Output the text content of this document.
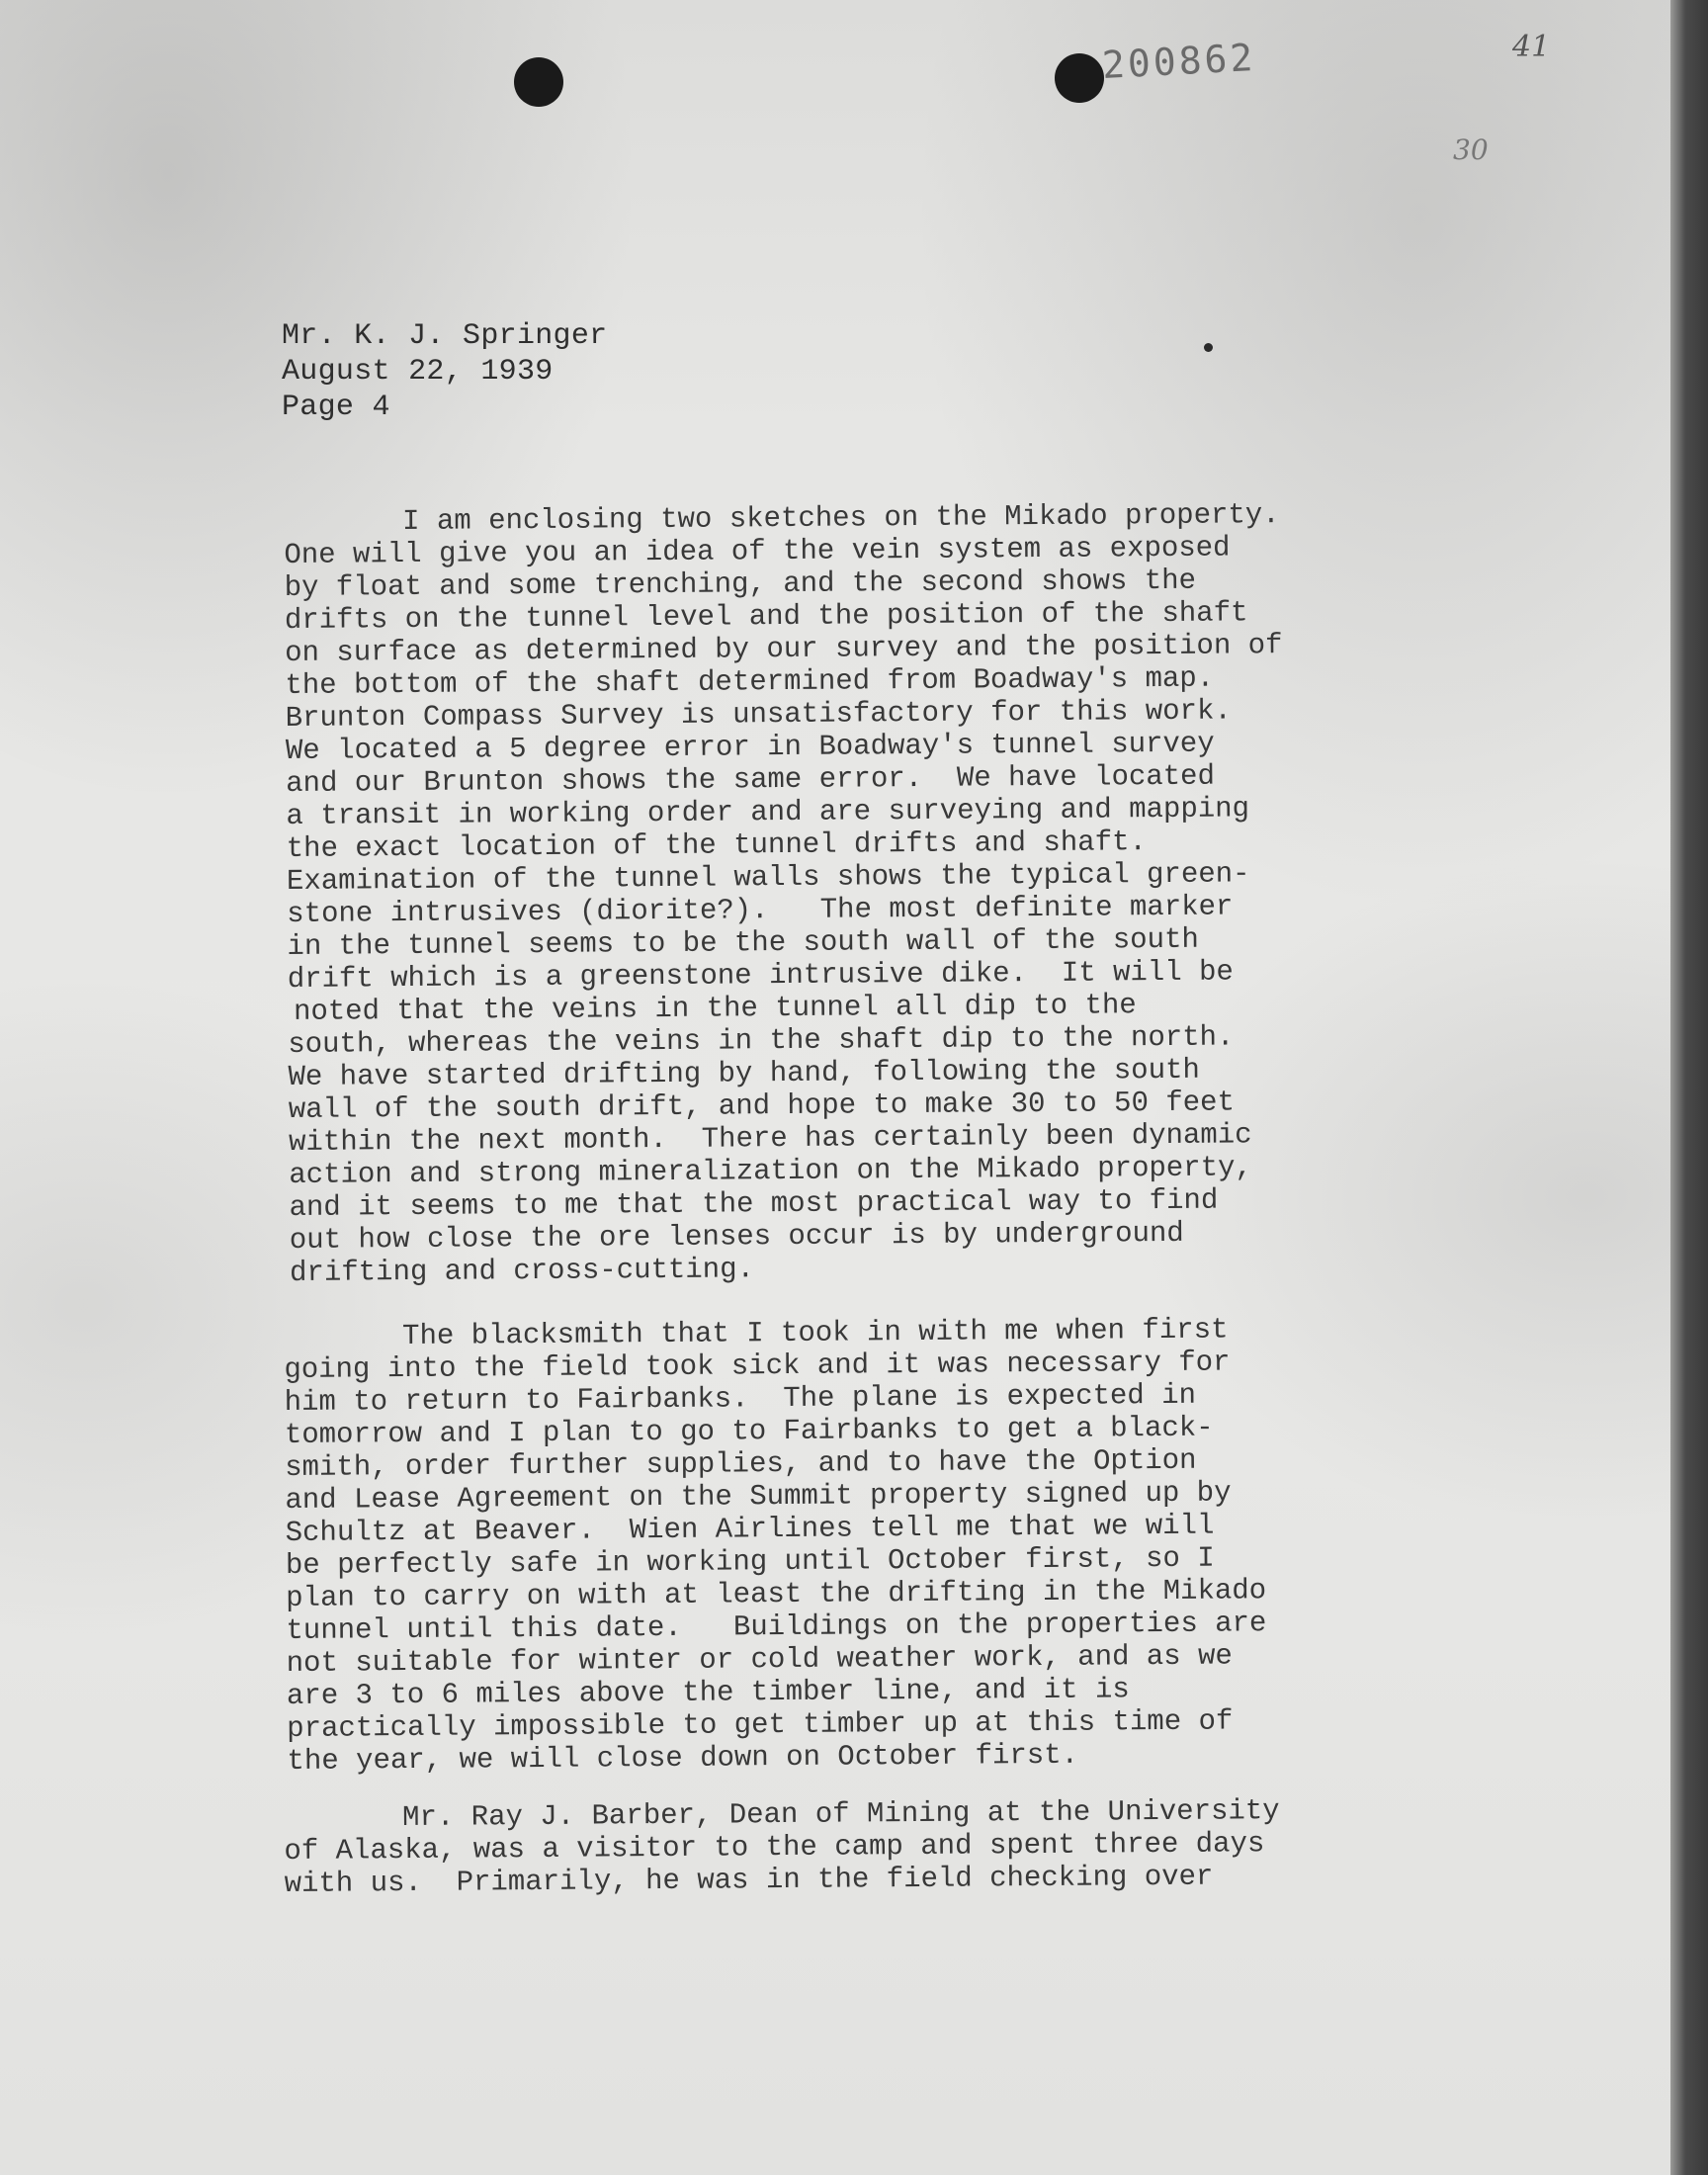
200862	41
30
Mr. K. J. Springer
August 22, 1939
Page 4
I am enclosing two sketches on the Mikado property.
One will give you an idea of the vein system as exposed
by float and some trenching, and the second shows the
drifts on the tunnel level and the position of the shaft
on surface as determined by our survey and the position of
the bottom of the shaft determined from Boadway's map.
Brunton Compass Survey is unsatisfactory for this work.
We located a 5 degree error in Boadway's tunnel survey
and our Brunton shows the same error.  We have located
a transit in working order and are surveying and mapping
the exact location of the tunnel drifts and shaft.
Examination of the tunnel walls shows the typical green-
stone intrusives (diorite?).   The most definite marker
in the tunnel seems to be the south wall of the south
drift which is a greenstone intrusive dike.  It will be
noted that the veins in the tunnel all dip to the
south, whereas the veins in the shaft dip to the north.
We have started drifting by hand, following the south
wall of the south drift, and hope to make 30 to 50 feet
within the next month.  There has certainly been dynamic
action and strong mineralization on the Mikado property,
and it seems to me that the most practical way to find
out how close the ore lenses occur is by underground
drifting and cross-cutting.
The blacksmith that I took in with me when first
going into the field took sick and it was necessary for
him to return to Fairbanks.  The plane is expected in
tomorrow and I plan to go to Fairbanks to get a black-
smith, order further supplies, and to have the Option
and Lease Agreement on the Summit property signed up by
Schultz at Beaver.  Wien Airlines tell me that we will
be perfectly safe in working until October first, so I
plan to carry on with at least the drifting in the Mikado
tunnel until this date.   Buildings on the properties are
not suitable for winter or cold weather work, and as we
are 3 to 6 miles above the timber line, and it is
practically impossible to get timber up at this time of
the year, we will close down on October first.
Mr. Ray J. Barber, Dean of Mining at the University
of Alaska, was a visitor to the camp and spent three days
with us.  Primarily, he was in the field checking over
